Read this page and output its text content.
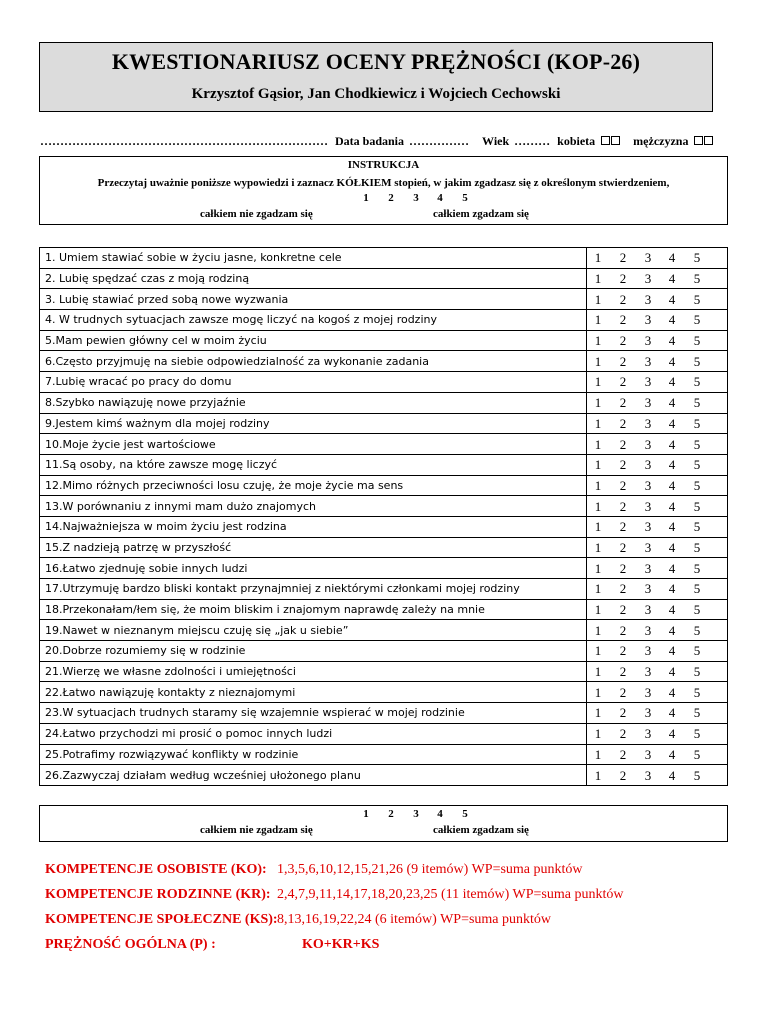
KWESTIONARIUSZ OCENY PRĘŻNOŚCI (KOP-26)
Krzysztof Gąsior, Jan Chodkiewicz i Wojciech Cechowski
……………………………………………………………… Data badania …………… Wiek ……… kobieta	mężczyzna
INSTRUKCJA
Przeczytaj uważnie poniższe wypowiedzi i zaznacz KÓŁKIEM stopień, w jakim zgadzasz się z określonym stwierdzeniem,
1	2	3	4	5
całkiem nie zgadzam się	całkiem zgadzam się
1. Umiem stawiać sobie w życiu jasne, konkretne cele	1 2 3 4 5

2. Lubię spędzać czas z moją rodziną	1 2 3 4 5

3. Lubię stawiać przed sobą nowe wyzwania	1 2 3 4 5

4. W trudnych sytuacjach zawsze mogę liczyć na kogoś z mojej rodziny	1 2 3 4 5

5.Mam pewien główny cel w moim życiu	1 2 3 4 5

6.Często przyjmuję na siebie odpowiedzialność za wykonanie zadania	1 2 3 4 5

7.Lubię wracać po pracy do domu	1 2 3 4 5

8.Szybko nawiązuję nowe przyjaźnie	1 2 3 4 5

9.Jestem kimś ważnym dla mojej rodziny	1 2 3 4 5

10.Moje życie jest wartościowe	1 2 3 4 5

11.Są osoby, na które zawsze mogę liczyć	1 2 3 4 5

12.Mimo różnych przeciwności losu czuję, że moje życie ma sens	1 2 3 4 5

13.W porównaniu z innymi mam dużo znajomych	1 2 3 4 5

14.Najważniejsza w moim życiu jest rodzina	1 2 3 4 5

15.Z nadzieją patrzę w przyszłość	1 2 3 4 5

16.Łatwo zjednuję sobie innych ludzi	1 2 3 4 5

17.Utrzymuję bardzo bliski kontakt przynajmniej z niektórymi członkami mojej rodziny	1 2 3 4 5

18.Przekonałam/łem się, że moim bliskim i znajomym naprawdę zależy na mnie	1 2 3 4 5

19.Nawet w nieznanym miejscu czuję się „jak u siebie”	1 2 3 4 5

20.Dobrze rozumiemy się w rodzinie	1 2 3 4 5

21.Wierzę we własne zdolności i umiejętności	1 2 3 4 5

22.Łatwo nawiązuję kontakty z nieznajomymi	1 2 3 4 5

23.W sytuacjach trudnych staramy się wzajemnie wspierać w mojej rodzinie	1 2 3 4 5

24.Łatwo przychodzi mi prosić o pomoc innych ludzi	1 2 3 4 5

25.Potrafimy rozwiązywać konflikty w rodzinie	1 2 3 4 5

26.Zazwyczaj działam według wcześniej ułożonego planu	1 2 3 4 5
1	2	3	4	5
całkiem nie zgadzam się	całkiem zgadzam się
KOMPETENCJE OSOBISTE (KO): 1,3,5,6,10,12,15,21,26 (9 itemów) WP=suma punktów
KOMPETENCJE RODZINNE (KR): 2,4,7,9,11,14,17,18,20,23,25 (11 itemów) WP=suma punktów
KOMPETENCJE SPOŁECZNE (KS): 8,13,16,19,22,24 (6 itemów) WP=suma punktów
PRĘŻNOŚĆ OGÓLNA (P) :	KO+KR+KS
